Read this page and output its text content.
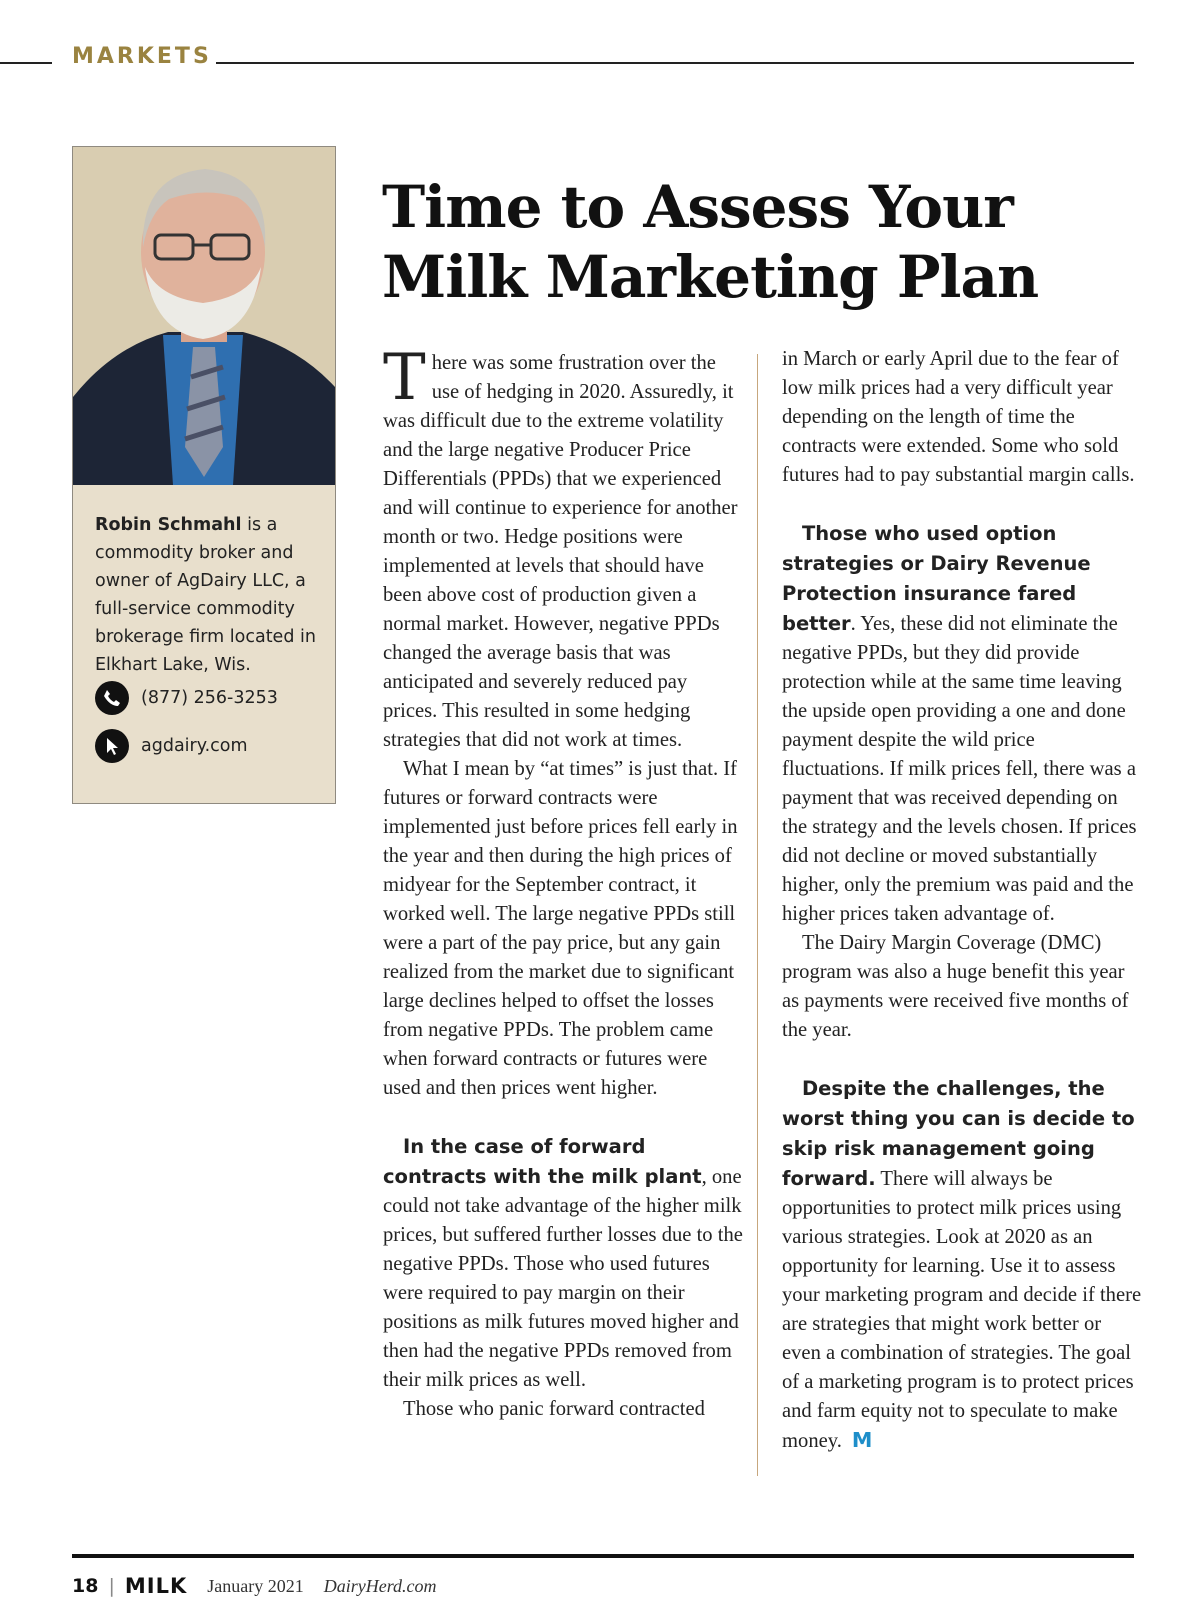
MARKETS
Robin Schmahl is a commodity broker and owner of AgDairy LLC, a full-service commodity brokerage firm located in Elkhart Lake, Wis.
(877) 256-3253
agdairy.com
Time to Assess Your
Milk Marketing Plan

There was some frustration over the use of hedging in 2020. Assuredly, it was difficult due to the extreme volatility and the large negative Producer Price Differentials (PPDs) that we experienced and will continue to experience for another month or two. Hedge positions were implemented at levels that should have been above cost of production given a normal market. However, negative PPDs changed the average basis that was anticipated and severely reduced pay prices. This resulted in some hedging strategies that did not work at times.

What I mean by “at times” is just that. If futures or forward contracts were implemented just before prices fell early in the year and then during the high prices of midyear for the September contract, it worked well. The large negative PPDs still were a part of the pay price, but any gain realized from the market due to significant large declines helped to offset the losses from negative PPDs. The problem came when forward contracts or futures were used and then prices went higher.

In the case of forward contracts with the milk plant, one could not take advantage of the higher milk prices, but suffered further losses due to the negative PPDs. Those who used futures were required to pay margin on their positions as milk futures moved higher and then had the negative PPDs removed from their milk prices as well.

Those who panic forward contracted

in March or early April due to the fear of low milk prices had a very difficult year depending on the length of time the contracts were extended. Some who sold futures had to pay substantial margin calls.

Those who used option strategies or Dairy Revenue Protection insurance fared better. Yes, these did not eliminate the negative PPDs, but they did provide protection while at the same time leaving the upside open providing a one and done payment despite the wild price fluctuations. If milk prices fell, there was a payment that was received depending on the strategy and the levels chosen. If prices did not decline or moved substantially higher, only the premium was paid and the higher prices taken advantage of.

The Dairy Margin Coverage (DMC) program was also a huge benefit this year as payments were received five months of the year.

Despite the challenges, the worst thing you can is decide to skip risk management going forward. There will always be opportunities to protect milk prices using various strategies. Look at 2020 as an opportunity for learning. Use it to assess your marketing program and decide if there are strategies that might work better or even a combination of strategies. The goal of a marketing program is to protect prices and farm equity not to speculate to make money. M

18 | MILK January 2021 DairyHerd.com
